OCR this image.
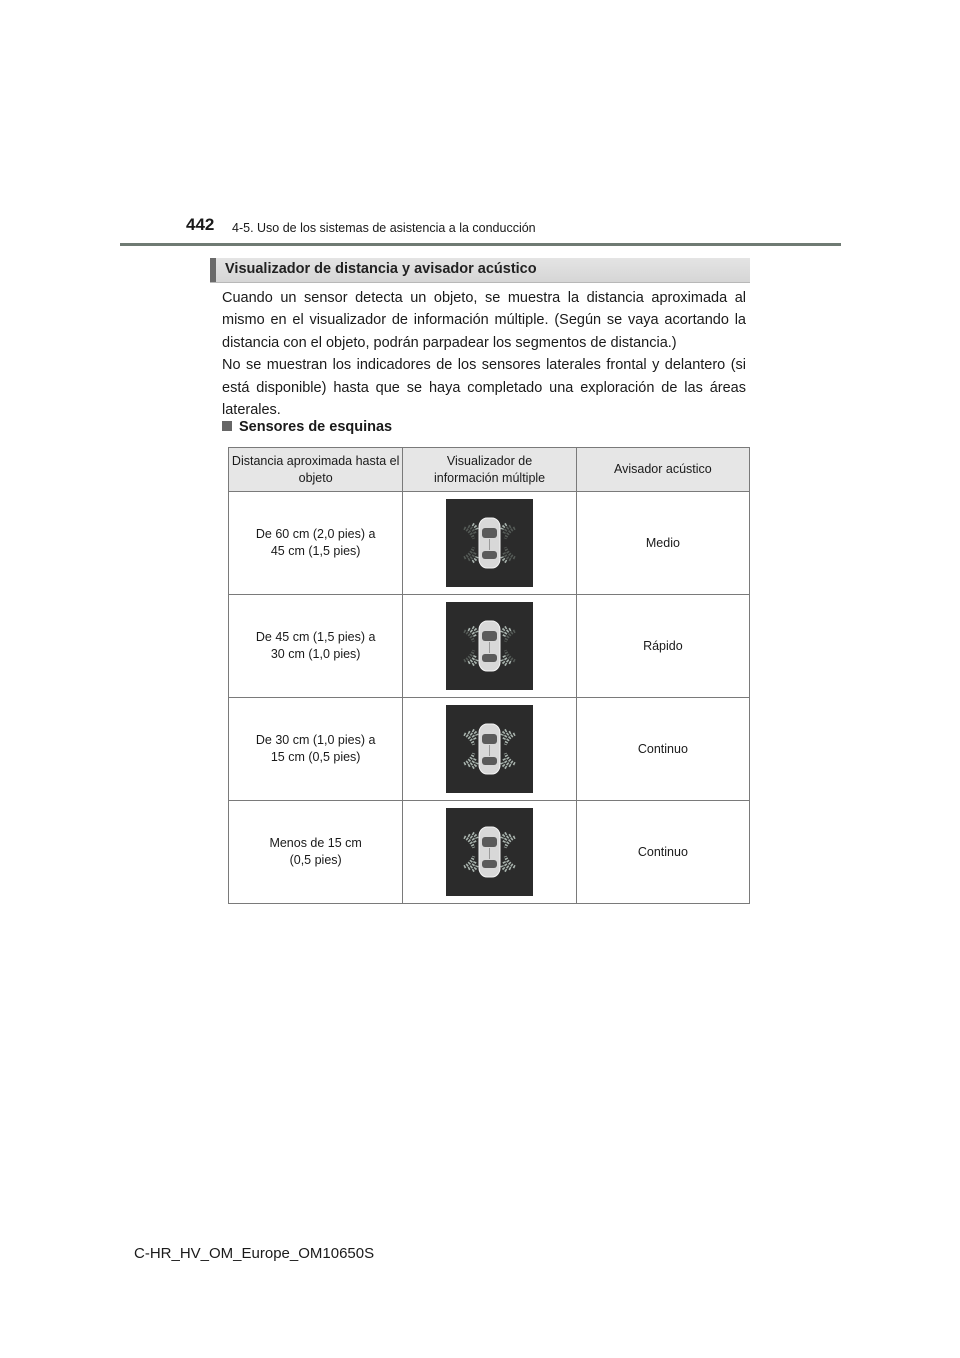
442 4-5. Uso de los sistemas de asistencia a la conducción
Visualizador de distancia y avisador acústico

Cuando un sensor detecta un objeto, se muestra la distancia aproximada al mismo en el visualizador de información múltiple. (Según se vaya acortando la distancia con el objeto, podrán parpadear los segmentos de distancia.)

No se muestran los indicadores de los sensores laterales frontal y delantero (si está disponible) hasta que se haya completado una exploración de las áreas laterales.

Sensores de esquinas
Distancia aproximada hasta el objeto	Visualizador de información múltiple	Avisador acústico

De 60 cm (2,0 pies) a
45 cm (1,5 pies)		Medio

De 45 cm (1,5 pies) a
30 cm (1,0 pies)		Rápido

De 30 cm (1,0 pies) a
15 cm (0,5 pies)		Continuo

Menos de 15 cm
(0,5 pies)		Continuo
C-HR_HV_OM_Europe_OM10650S
